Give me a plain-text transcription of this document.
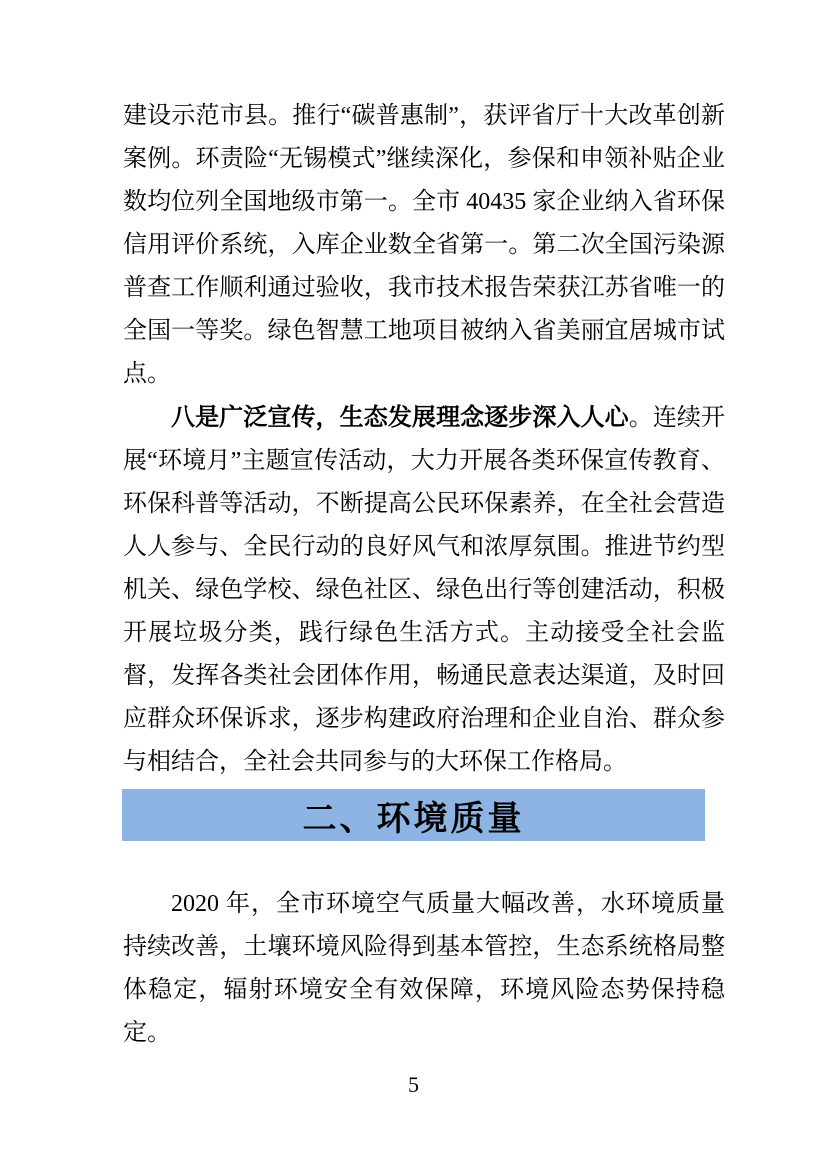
建设示范市县。推行“碳普惠制”，获评省厅十大改革创新案例。环责险“无锡模式”继续深化，参保和申领补贴企业数均位列全国地级市第一。全市 40435 家企业纳入省环保信用评价系统，入库企业数全省第一。第二次全国污染源普查工作顺利通过验收，我市技术报告荣获江苏省唯一的全国一等奖。绿色智慧工地项目被纳入省美丽宜居城市试点。

八是广泛宣传，生态发展理念逐步深入人心。连续开展“环境月”主题宣传活动，大力开展各类环保宣传教育、环保科普等活动，不断提高公民环保素养，在全社会营造人人参与、全民行动的良好风气和浓厚氛围。推进节约型机关、绿色学校、绿色社区、绿色出行等创建活动，积极开展垃圾分类，践行绿色生活方式。主动接受全社会监督，发挥各类社会团体作用，畅通民意表达渠道，及时回应群众环保诉求，逐步构建政府治理和企业自治、群众参与相结合，全社会共同参与的大环保工作格局。

二、环境质量

2020 年，全市环境空气质量大幅改善，水环境质量持续改善，土壤环境风险得到基本管控，生态系统格局整体稳定，辐射环境安全有效保障，环境风险态势保持稳定。

5
